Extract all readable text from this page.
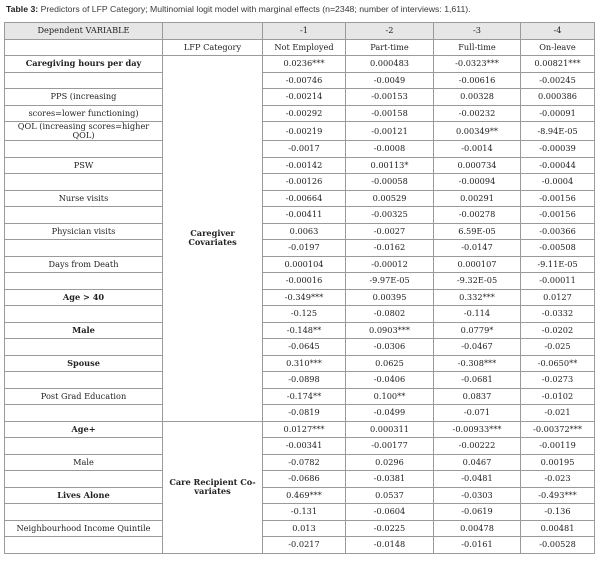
Table 3: Predictors of LFP Category; Multinomial logit model with marginal effects (n=2348; number of interviews: 1,611).
Dependent VARIABLE		-1	-2	-3	-4
	LFP Category	Not Employed	Part-time	Full-time	On-leave
Caregiving hours per day	Caregiver Covariates	0.0236***	0.000483	-0.0323***	0.00821***
		-0.00746	-0.0049	-0.00616	-0.00245
PPS (increasing		-0.00214	-0.00153	0.00328	0.000386
scores=lower functioning)		-0.00292	-0.00158	-0.00232	-0.00091
QOL (increasing scores=higher QOL)		-0.00219	-0.00121	0.00349**	-8.94E-05
		-0.0017	-0.0008	-0.0014	-0.00039
PSW		-0.00142	0.00113*	0.000734	-0.00044
		-0.00126	-0.00058	-0.00094	-0.0004
Nurse visits		-0.00664	0.00529	0.00291	-0.00156
		-0.00411	-0.00325	-0.00278	-0.00156
Physician visits		0.0063	-0.0027	6.59E-05	-0.00366
		-0.0197	-0.0162	-0.0147	-0.00508
Days from Death		0.000104	-0.00012	0.000107	-9.11E-05
		-0.00016	-9.97E-05	-9.32E-05	-0.00011
Age > 40		-0.349***	0.00395	0.332***	0.0127
		-0.125	-0.0802	-0.114	-0.0332
Male		-0.148**	0.0903***	0.0779*	-0.0202
		-0.0645	-0.0306	-0.0467	-0.025
Spouse		0.310***	0.0625	-0.308***	-0.0650**
		-0.0898	-0.0406	-0.0681	-0.0273
Post Grad Education		-0.174**	0.100**	0.0837	-0.0102
		-0.0819	-0.0499	-0.071	-0.021
Age+	Care Recipient Co-variates	0.0127***	0.000311	-0.00933***	-0.00372***
		-0.00341	-0.00177	-0.00222	-0.00119
Male		-0.0782	0.0296	0.0467	0.00195
		-0.0686	-0.0381	-0.0481	-0.023
Lives Alone		0.469***	0.0537	-0.0303	-0.493***
		-0.131	-0.0604	-0.0619	-0.136
Neighbourhood Income Quintile		0.013	-0.0225	0.00478	0.00481
		-0.0217	-0.0148	-0.0161	-0.00528
